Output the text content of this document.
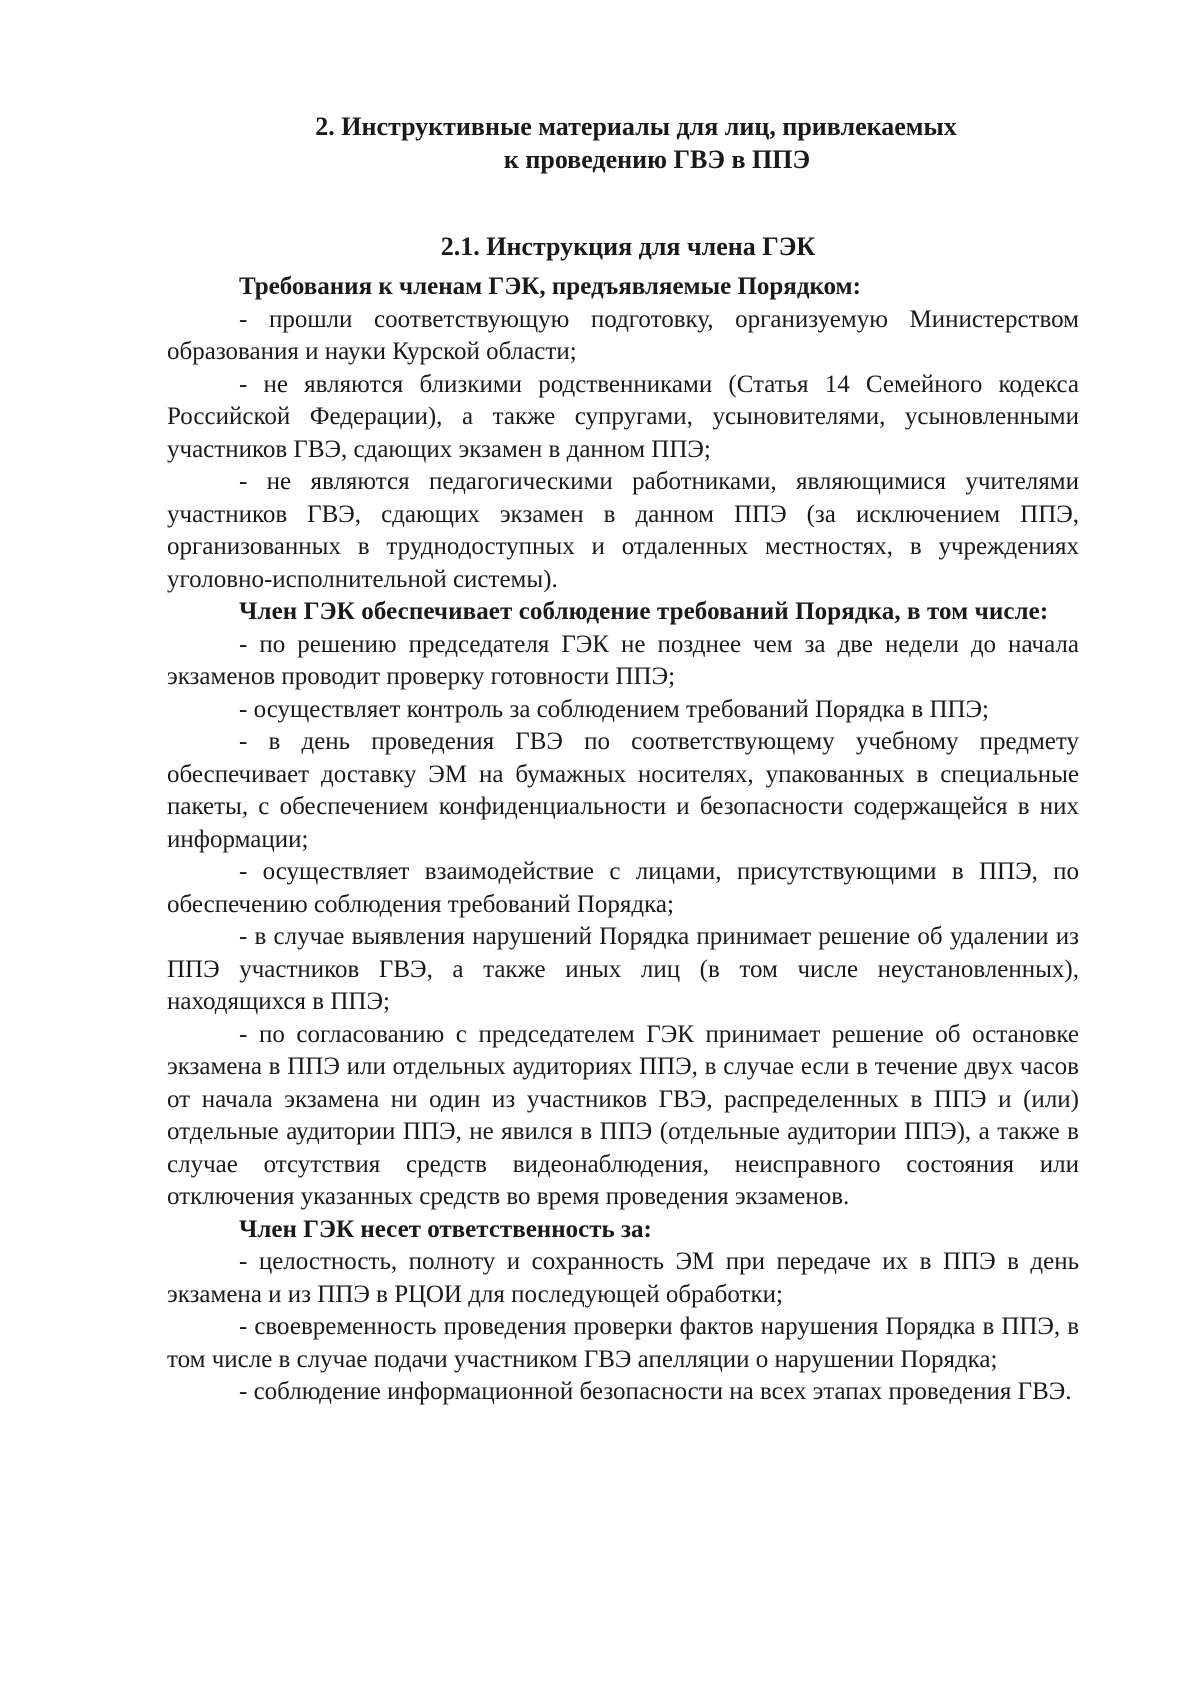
2. Инструктивные материалы для лиц, привлекаемых
к проведению ГВЭ в ППЭ
2.1. Инструкция для члена ГЭК

Требования к членам ГЭК, предъявляемые Порядком:

- прошли соответствующую подготовку, организуемую Министерством образования и науки Курской области;

- не являются близкими родственниками (Статья 14 Семейного кодекса Российской Федерации), а также супругами, усыновителями, усыновленными участников ГВЭ, сдающих экзамен в данном ППЭ;

- не являются педагогическими работниками, являющимися учителями участников ГВЭ, сдающих экзамен в данном ППЭ (за исключением ППЭ, организованных в труднодоступных и отдаленных местностях, в учреждениях уголовно-исполнительной системы).

Член ГЭК обеспечивает соблюдение требований Порядка, в том числе:

- по решению председателя ГЭК не позднее чем за две недели до начала экзаменов проводит проверку готовности ППЭ;

- осуществляет контроль за соблюдением требований Порядка в ППЭ;

- в день проведения ГВЭ по соответствующему учебному предмету обеспечивает доставку ЭМ на бумажных носителях, упакованных в специальные пакеты, с обеспечением конфиденциальности и безопасности содержащейся в них информации;

- осуществляет взаимодействие с лицами, присутствующими в ППЭ, по обеспечению соблюдения требований Порядка;

- в случае выявления нарушений Порядка принимает решение об удалении из ППЭ участников ГВЭ, а также иных лиц (в том числе неустановленных), находящихся в ППЭ;

- по согласованию с председателем ГЭК принимает решение об остановке экзамена в ППЭ или отдельных аудиториях ППЭ, в случае если в течение двух часов от начала экзамена ни один из участников ГВЭ, распределенных в ППЭ и (или) отдельные аудитории ППЭ, не явился в ППЭ (отдельные аудитории ППЭ), а также в случае отсутствия средств видеонаблюдения, неисправного состояния или отключения указанных средств во время проведения экзаменов.

Член ГЭК несет ответственность за:

- целостность, полноту и сохранность ЭМ при передаче их в ППЭ в день экзамена и из ППЭ в РЦОИ для последующей обработки;

- своевременность проведения проверки фактов нарушения Порядка в ППЭ, в том числе в случае подачи участником ГВЭ апелляции о нарушении Порядка;

- соблюдение информационной безопасности на всех этапах проведения ГВЭ.
